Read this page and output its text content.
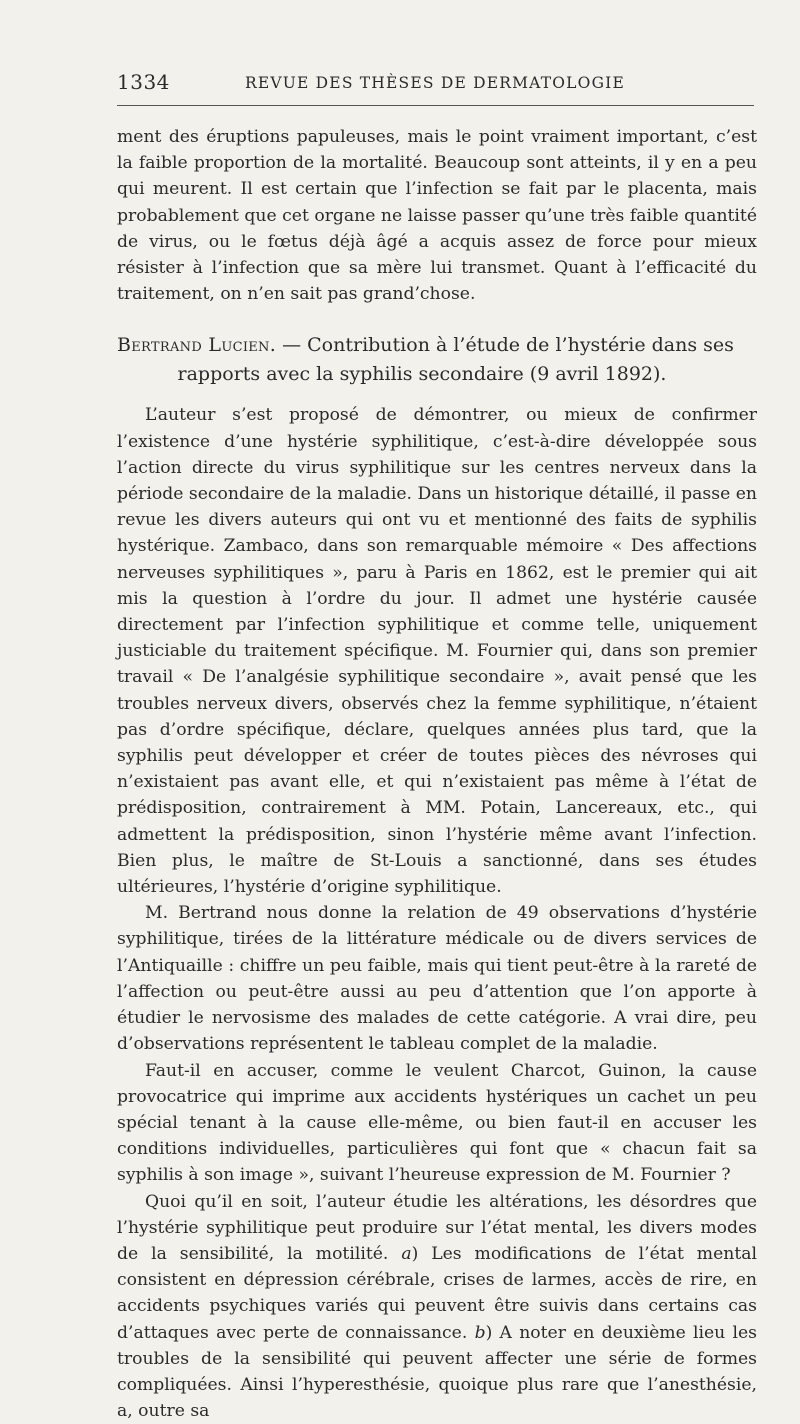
1334	REVUE DES THÈSES DE DERMATOLOGIE

ment des éruptions papuleuses, mais le point vraiment important, c’est la faible proportion de la mortalité. Beaucoup sont atteints, il y en a peu qui meurent. Il est certain que l’infection se fait par le placenta, mais probablement que cet organe ne laisse passer qu’une très faible quantité de virus, ou le fœtus déjà âgé a acquis assez de force pour mieux résister à l’infection que sa mère lui transmet. Quant à l’efficacité du traitement, on n’en sait pas grand’chose.

Bertrand Lucien. — Contribution à l’étude de l’hystérie dans ses
rapports avec la syphilis secondaire (9 avril 1892).

L’auteur s’est proposé de démontrer, ou mieux de confirmer l’existence d’une hystérie syphilitique, c’est-à-dire développée sous l’action directe du virus syphilitique sur les centres nerveux dans la période secondaire de la maladie. Dans un historique détaillé, il passe en revue les divers auteurs qui ont vu et mentionné des faits de syphilis hystérique. Zambaco, dans son remarquable mémoire « Des affections nerveuses syphilitiques », paru à Paris en 1862, est le premier qui ait mis la question à l’ordre du jour. Il admet une hystérie causée directement par l’infection syphilitique et comme telle, uniquement justiciable du traitement spécifique. M. Fournier qui, dans son premier travail « De l’analgésie syphilitique secondaire », avait pensé que les troubles nerveux divers, observés chez la femme syphilitique, n’étaient pas d’ordre spécifique, déclare, quelques années plus tard, que la syphilis peut développer et créer de toutes pièces des névroses qui n’existaient pas avant elle, et qui n’existaient pas même à l’état de prédisposition, contrairement à MM. Potain, Lancereaux, etc., qui admettent la prédisposition, sinon l’hystérie même avant l’infection. Bien plus, le maître de St-Louis a sanctionné, dans ses études ultérieures, l’hystérie d’origine syphilitique.

M. Bertrand nous donne la relation de 49 observations d’hystérie syphilitique, tirées de la littérature médicale ou de divers services de l’Antiquaille : chiffre un peu faible, mais qui tient peut-être à la rareté de l’affection ou peut-être aussi au peu d’attention que l’on apporte à étudier le nervosisme des malades de cette catégorie. A vrai dire, peu d’observations représentent le tableau complet de la maladie.

Faut-il en accuser, comme le veulent Charcot, Guinon, la cause provocatrice qui imprime aux accidents hystériques un cachet un peu spécial tenant à la cause elle-même, ou bien faut-il en accuser les conditions individuelles, particulières qui font que « chacun fait sa syphilis à son image », suivant l’heureuse expression de M. Fournier ?

Quoi qu’il en soit, l’auteur étudie les altérations, les désordres que l’hystérie syphilitique peut produire sur l’état mental, les divers modes de la sensibilité, la motilité. a) Les modifications de l’état mental consistent en dépression cérébrale, crises de larmes, accès de rire, en accidents psychiques variés qui peuvent être suivis dans certains cas d’attaques avec perte de connaissance. b) A noter en deuxième lieu les troubles de la sensibilité qui peuvent affecter une série de formes compliquées. Ainsi l’hyperesthésie, quoique plus rare que l’anesthésie, a, outre sa
